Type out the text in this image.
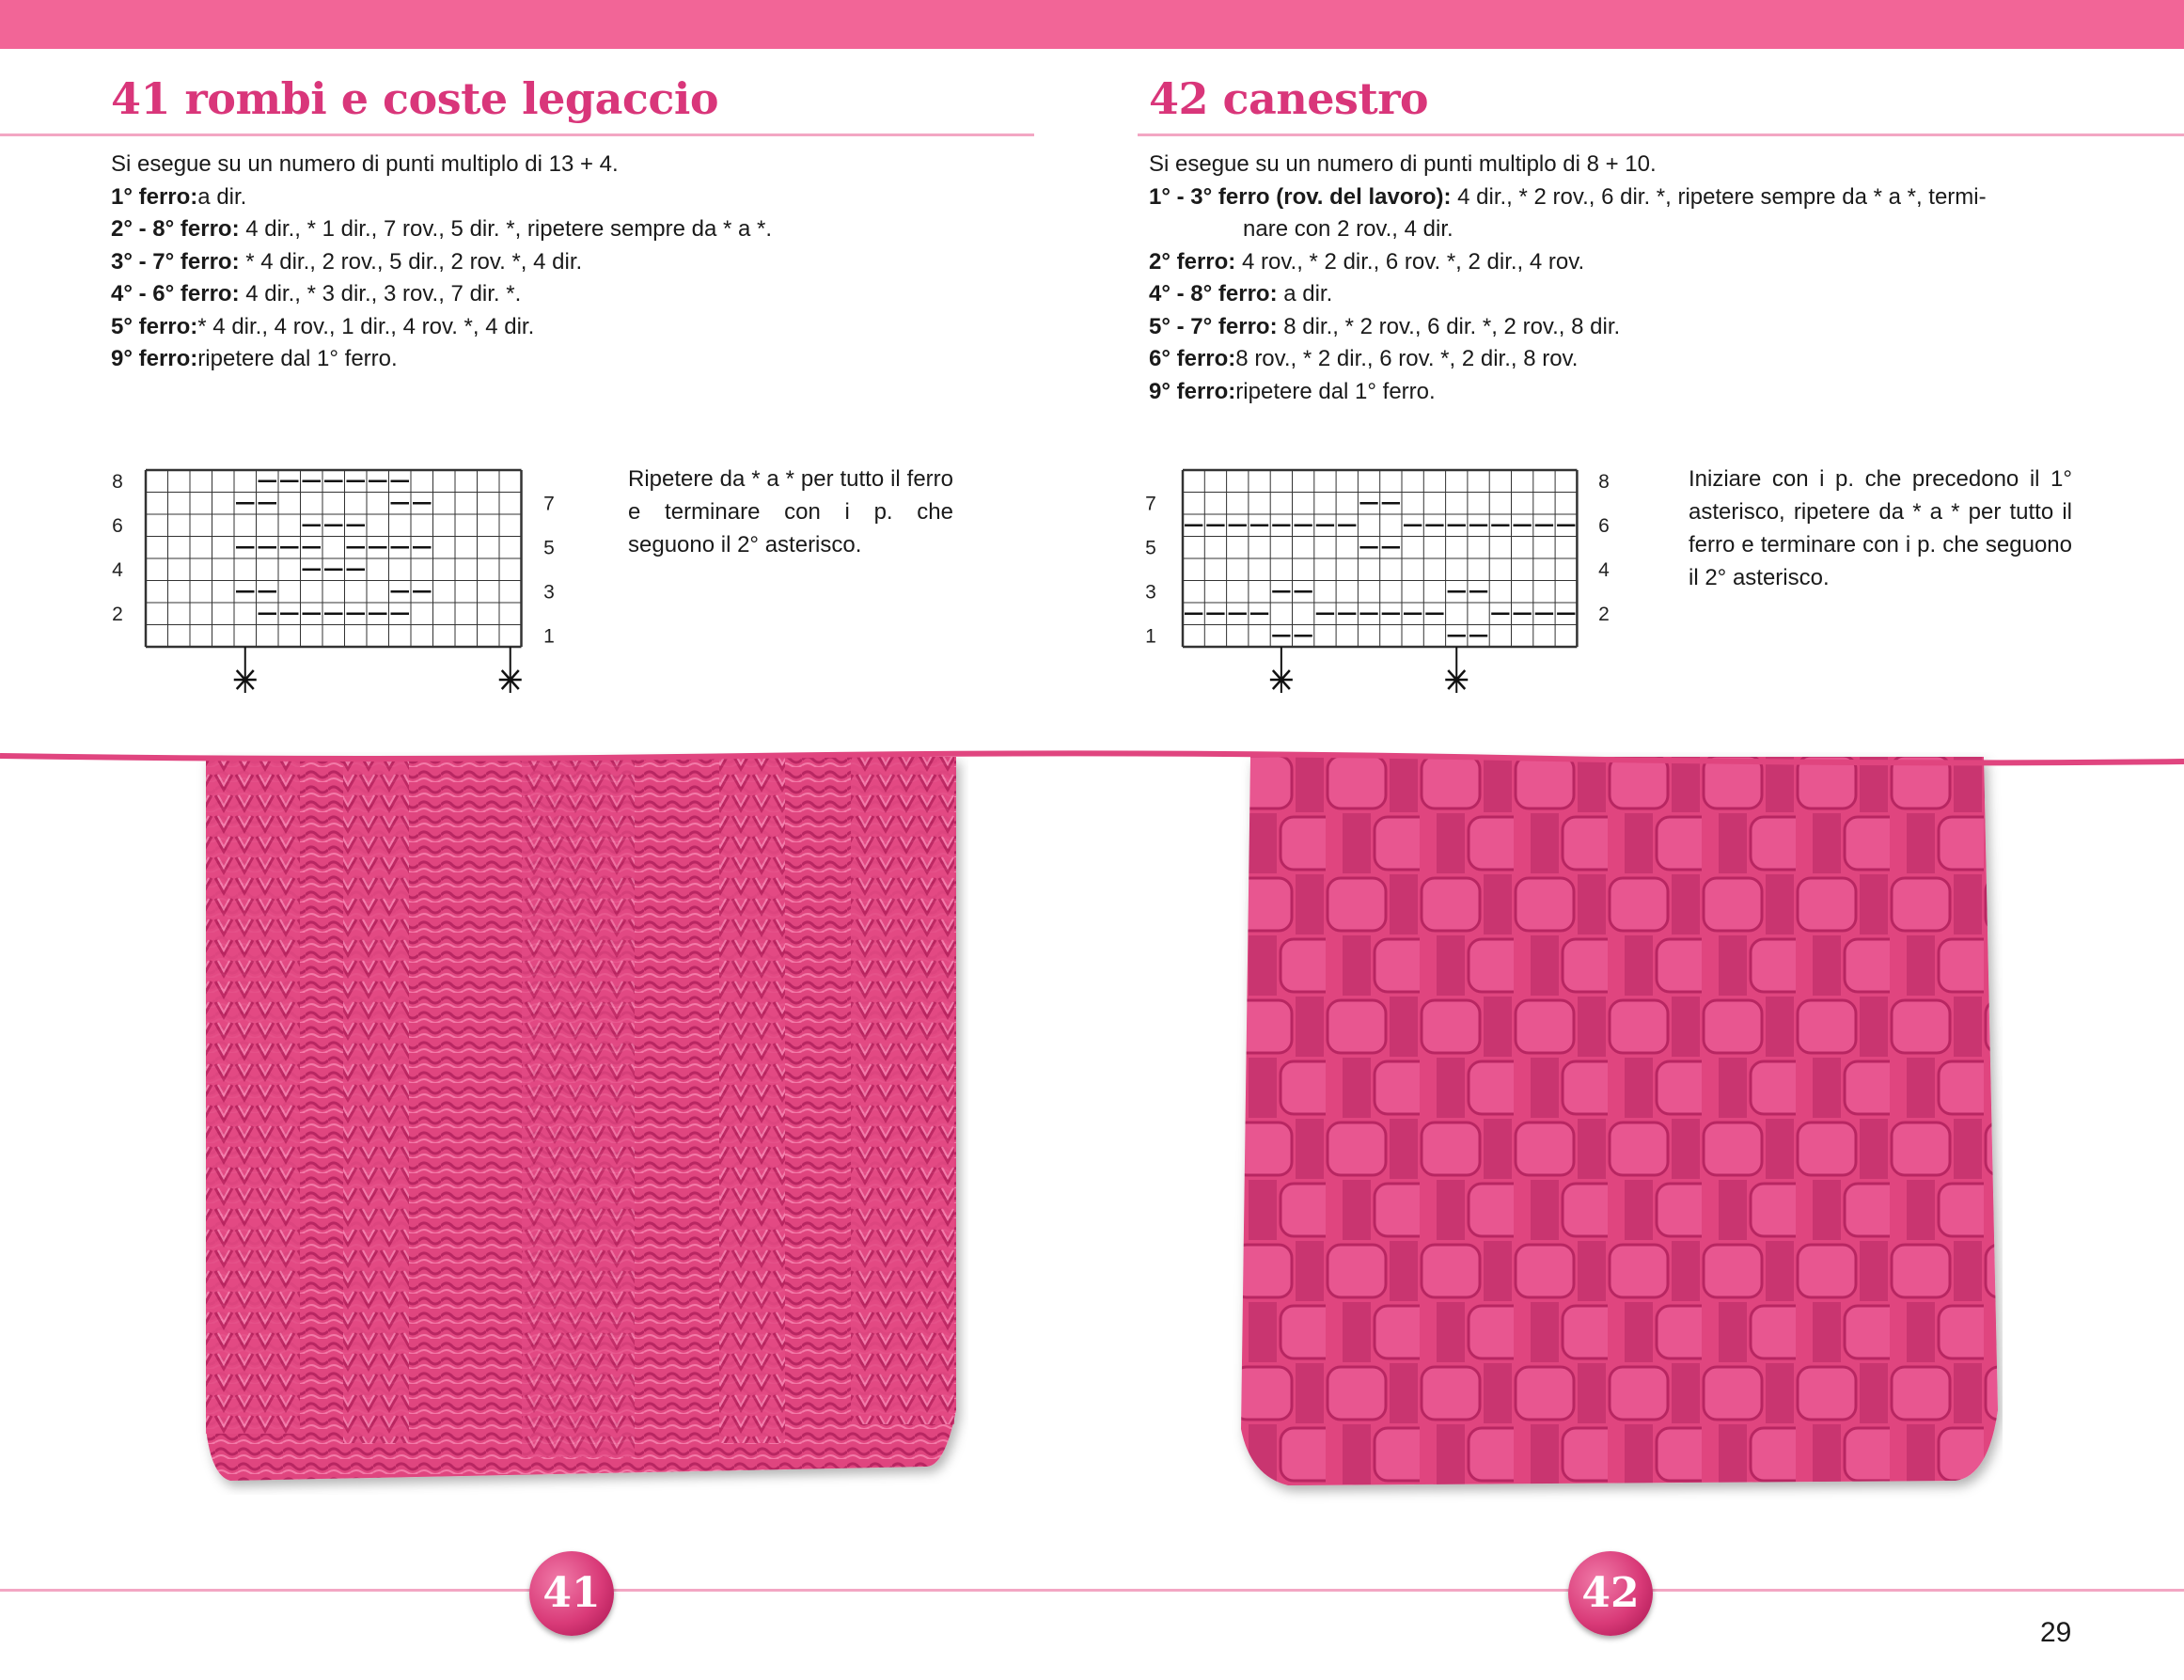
41 rombi e coste legaccio
Si esegue su un numero di punti multiplo di 13 + 4.
1° ferro:a dir.
2° - 8° ferro: 4 dir., * 1 dir., 7 rov., 5 dir. *, ripetere sempre da * a *.
3° - 7° ferro: * 4 dir., 2 rov., 5 dir., 2 rov. *, 4 dir.
4° - 6° ferro: 4 dir., * 3 dir., 3 rov., 7 dir. *.
5° ferro:* 4 dir., 4 rov., 1 dir., 4 rov. *, 4 dir.
9° ferro:ripetere dal 1° ferro.
8
6
4
2
7
5
3
1
Ripetere da * a * per tutto il ferro e terminare con i p. che seguono il 2° asterisco.
42 canestro
Si esegue su un numero di punti multiplo di 8 + 10.
1° - 3° ferro (rov. del lavoro): 4 dir., * 2 rov., 6 dir. *, ripetere sempre da * a *, termi-
nare con 2 rov., 4 dir.
2° ferro: 4 rov., * 2 dir., 6 rov. *, 2 dir., 4 rov.
4° - 8° ferro: a dir.
5° - 7° ferro: 8 dir., * 2 rov., 6 dir. *, 2 rov., 8 dir.
6° ferro:8 rov., * 2 dir., 6 rov. *, 2 dir., 8 rov.
9° ferro:ripetere dal 1° ferro.
7
5
3
1
8
6
4
2
Iniziare con i p. che precedono il 1° asterisco, ripetere da * a * per tutto il ferro e terminare con i p. che seguono il 2° asterisco.
41	42
29
